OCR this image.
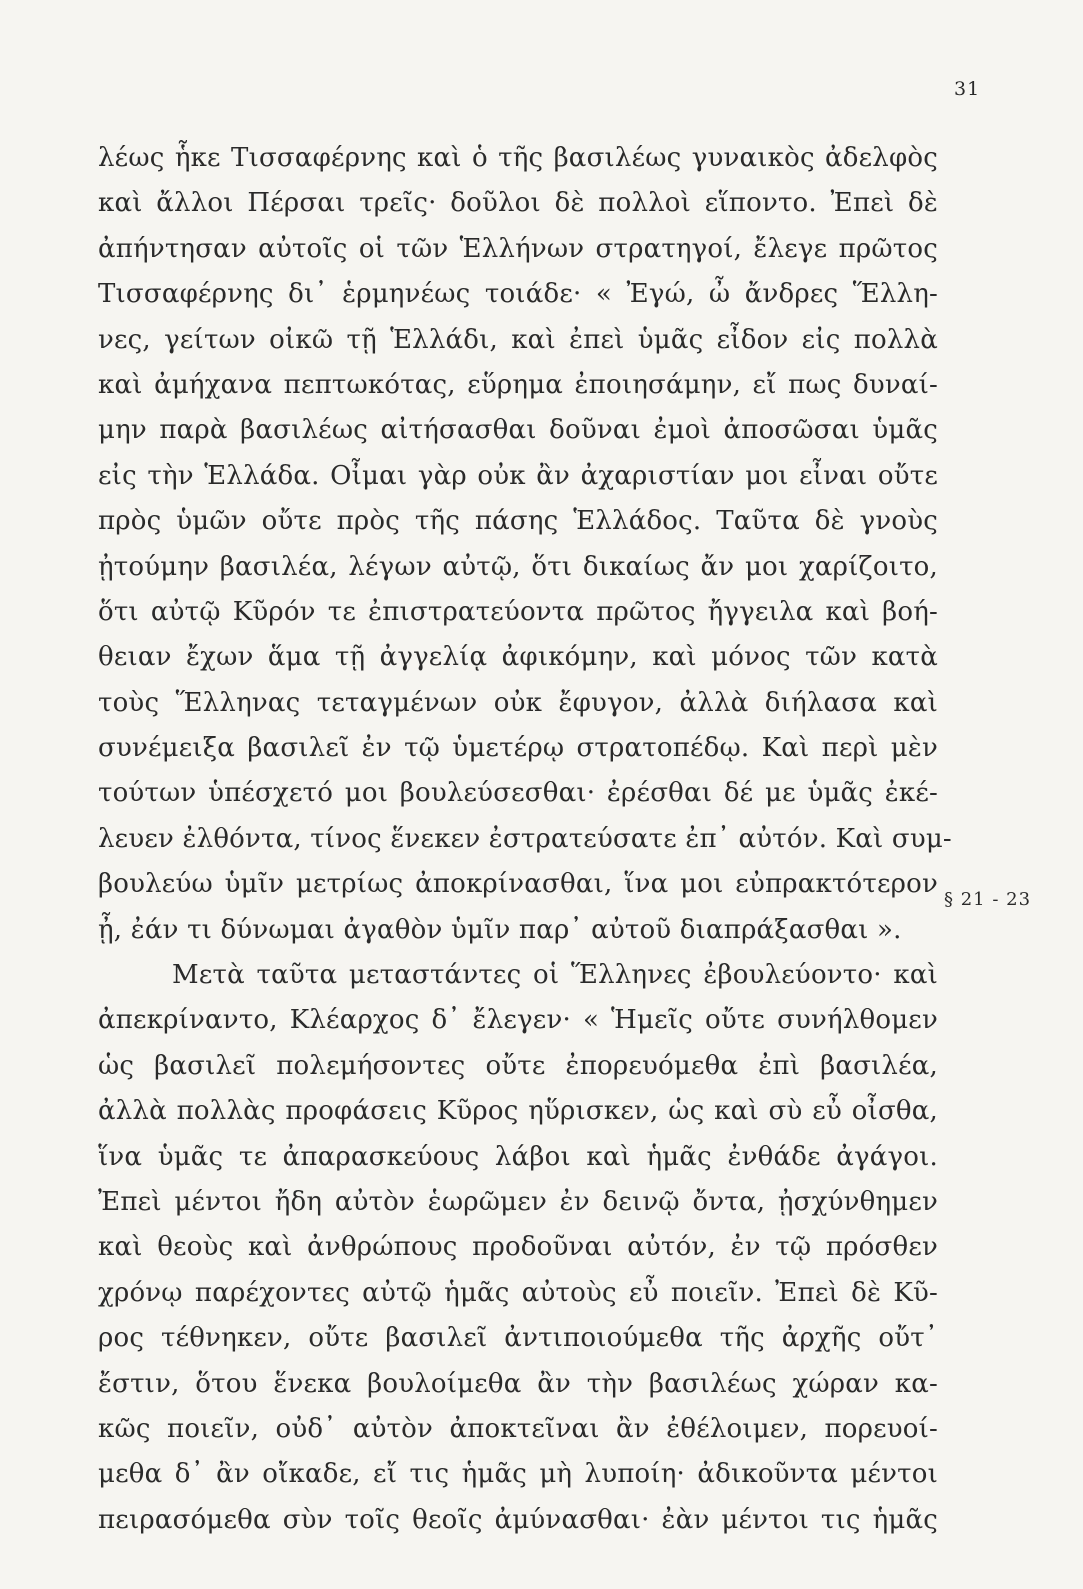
31
λέως ἧκε Τισσαφέρνης καὶ ὁ τῆς βασιλέως γυναικὸς ἀδελφὸς
καὶ ἄλλοι Πέρσαι τρεῖς· δοῦλοι δὲ πολλοὶ εἵποντο. Ἐπεὶ δὲ
ἀπήντησαν αὐτοῖς οἱ τῶν Ἑλλήνων στρατηγοί, ἔλεγε πρῶτος
Τισσαφέρνης δι᾽ ἑρμηνέως τοιάδε· « Ἐγώ, ὦ ἄνδρες Ἕλλη-
νες, γείτων οἰκῶ τῇ Ἑλλάδι, καὶ ἐπεὶ ὑμᾶς εἶδον εἰς πολλὰ
καὶ ἀμήχανα πεπτωκότας, εὕρημα ἐποιησάμην, εἴ πως δυναί-
μην παρὰ βασιλέως αἰτήσασθαι δοῦναι ἐμοὶ ἀποσῶσαι ὑμᾶς
εἰς τὴν Ἑλλάδα. Οἶμαι γὰρ οὐκ ἂν ἀχαριστίαν μοι εἶναι οὔτε
πρὸς ὑμῶν οὔτε πρὸς τῆς πάσης Ἑλλάδος. Ταῦτα δὲ γνοὺς
ᾐτούμην βασιλέα, λέγων αὐτῷ, ὅτι δικαίως ἄν μοι χαρίζοιτο,
ὅτι αὐτῷ Κῦρόν τε ἐπιστρατεύοντα πρῶτος ἤγγειλα καὶ βοή-
θειαν ἔχων ἅμα τῇ ἀγγελίᾳ ἀφικόμην, καὶ μόνος τῶν κατὰ
τοὺς Ἕλληνας τεταγμένων οὐκ ἔφυγον, ἀλλὰ διήλασα καὶ
συνέμειξα βασιλεῖ ἐν τῷ ὑμετέρῳ στρατοπέδῳ. Καὶ περὶ μὲν
τούτων ὑπέσχετό μοι βουλεύσεσθαι· ἐρέσθαι δέ με ὑμᾶς ἐκέ-
λευεν ἐλθόντα, τίνος ἕνεκεν ἐστρατεύσατε ἐπ᾽ αὐτόν. Καὶ συμ-
βουλεύω ὑμῖν μετρίως ἀποκρίνασθαι, ἵνα μοι εὐπρακτότερον
ᾖ, ἐάν τι δύνωμαι ἀγαθὸν ὑμῖν παρ᾽ αὐτοῦ διαπράξασθαι ».
Μετὰ ταῦτα μεταστάντες οἱ Ἕλληνες ἐβουλεύοντο· καὶ
ἀπεκρίναντο, Κλέαρχος δ᾽ ἔλεγεν· « Ἡμεῖς οὔτε συνήλθομεν
ὡς βασιλεῖ πολεμήσοντες οὔτε ἐπορευόμεθα ἐπὶ βασιλέα,
ἀλλὰ πολλὰς προφάσεις Κῦρος ηὕρισκεν, ὡς καὶ σὺ εὖ οἶσθα,
ἵνα ὑμᾶς τε ἀπαρασκεύους λάβοι καὶ ἡμᾶς ἐνθάδε ἀγάγοι.
Ἐπεὶ μέντοι ἤδη αὐτὸν ἑωρῶμεν ἐν δεινῷ ὄντα, ᾐσχύνθημεν
καὶ θεοὺς καὶ ἀνθρώπους προδοῦναι αὐτόν, ἐν τῷ πρόσθεν
χρόνῳ παρέχοντες αὐτῷ ἡμᾶς αὐτοὺς εὖ ποιεῖν. Ἐπεὶ δὲ Κῦ-
ρος τέθνηκεν, οὔτε βασιλεῖ ἀντιποιούμεθα τῆς ἀρχῆς οὔτ᾽
ἔστιν, ὅτου ἕνεκα βουλοίμεθα ἂν τὴν βασιλέως χώραν κα-
κῶς ποιεῖν, οὐδ᾽ αὐτὸν ἀποκτεῖναι ἂν ἐθέλοιμεν, πορευοί-
μεθα δ᾽ ἂν οἴκαδε, εἴ τις ἡμᾶς μὴ λυποίη· ἀδικοῦντα μέντοι
πειρασόμεθα σὺν τοῖς θεοῖς ἀμύνασθαι· ἐὰν μέντοι τις ἡμᾶς
§ 21 - 23
